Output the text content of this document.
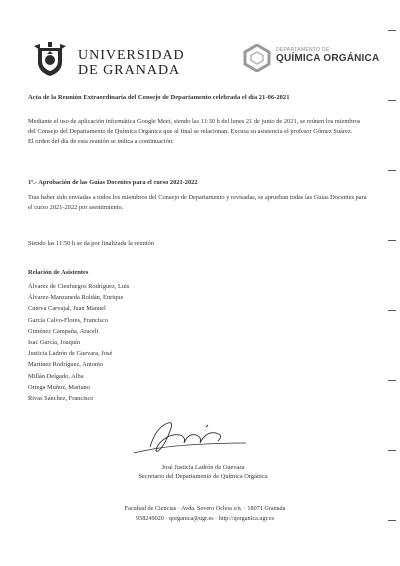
UNIVERSIDAD
DE GRANADA
DEPARTAMENTO DE
QUÍMICA ORGÁNICA
Acta de la Reunión Extraordinaria del Consejo de Departamento celebrada el día 21-06-2021
Mediante el uso de aplicación informática Google Meet, siendo las 11:30 h del lunes 21 de junio de 2021, se reúnen los miembros del Consejo del Departamento de Química Orgánica que al final se relacionan. Excusa su asistencia el profesor Gómez Suárez.
El orden del día de esta reunión se indica a continuación:
1º.- Aprobación de las Guías Docentes para el curso 2021-2022
Tras haber sido enviadas a todos los miembros del Consejo de Departamento y revisadas, se aprueban todas las Guías Docentes para el curso 2021-2022 por asentimiento.
Siendo las 11:50 h se da por finalizada la reunión
Relación de Asistentes
Álvarez de Cienfuegos Rodríguez, Luis
Álvarez-Manzaneda Roldán, Enrique
Cuerva Carvajal, Juan Manuel
García Calvo-Flores, Francisco
Giménez Campaña, Araceli
Isac García, Joaquín
Justicia Ladrón de Guevara, José
Martínez Rodríguez, Antonio
Millán Delgado, Alba
Ortega Muñoz, Mariano
Rivas Sánchez, Francisco
José Justicia Ladrón de Guevara
Secretario del Departamento de Química Orgánica
Facultad de Ciencias · Avda. Severo Ochoa s/n. · 18071 Granada
958249020 · qorganica@ugr.es · http://qorganica.ugr.es
